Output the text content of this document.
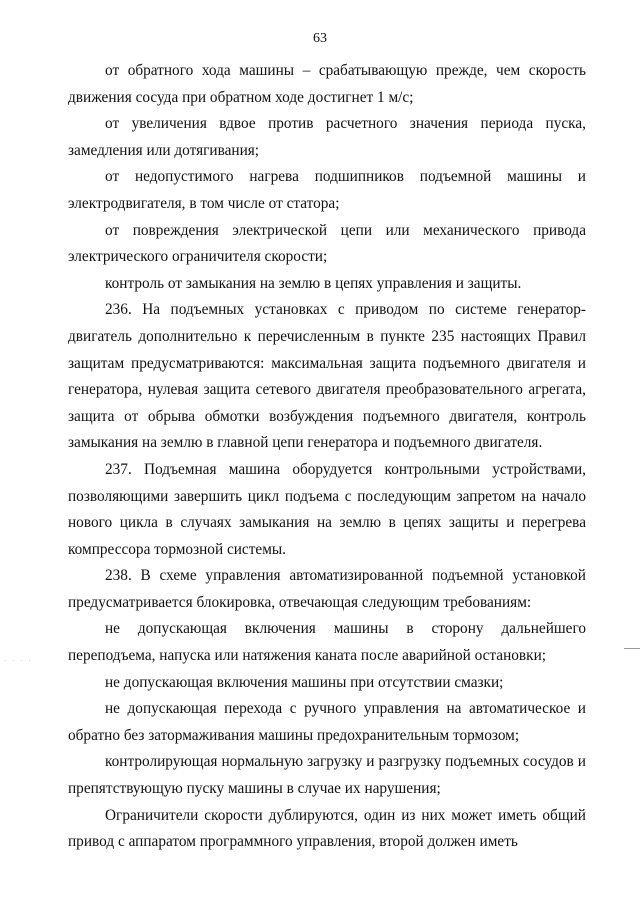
63

от обратного хода машины – срабатывающую прежде, чем скорость движения сосуда при обратном ходе достигнет 1 м/с;

от увеличения вдвое против расчетного значения периода пуска, замедления или дотягивания;

от недопустимого нагрева подшипников подъемной машины и электродвигателя, в том числе от статора;

от повреждения электрической цепи или механического привода электрического ограничителя скорости;

контроль от замыкания на землю в цепях управления и защиты.

236. На подъемных установках с приводом по системе генератор-двигатель дополнительно к перечисленным в пункте 235 настоящих Правил защитам предусматриваются: максимальная защита подъемного двигателя и генератора, нулевая защита сетевого двигателя преобразовательного агрегата, защита от обрыва обмотки возбуждения подъемного двигателя, контроль замыкания на землю в главной цепи генератора и подъемного двигателя.

237. Подъемная машина оборудуется контрольными устройствами, позволяющими завершить цикл подъема с последующим запретом на начало нового цикла в случаях замыкания на землю в цепях защиты и перегрева компрессора тормозной системы.

238. В схеме управления автоматизированной подъемной установкой предусматривается блокировка, отвечающая следующим требованиям:

не допускающая включения машины в сторону дальнейшего переподъема, напуска или натяжения каната после аварийной остановки;

не допускающая включения машины при отсутствии смазки;

не допускающая перехода с ручного управления на автоматическое и обратно без затормаживания машины предохранительным тормозом;

контролирующая нормальную загрузку и разгрузку подъемных сосудов и препятствующую пуску машины в случае их нарушения;

Ограничители скорости дублируются, один из них может иметь общий привод с аппаратом программного управления, второй должен иметь

· · · ·
